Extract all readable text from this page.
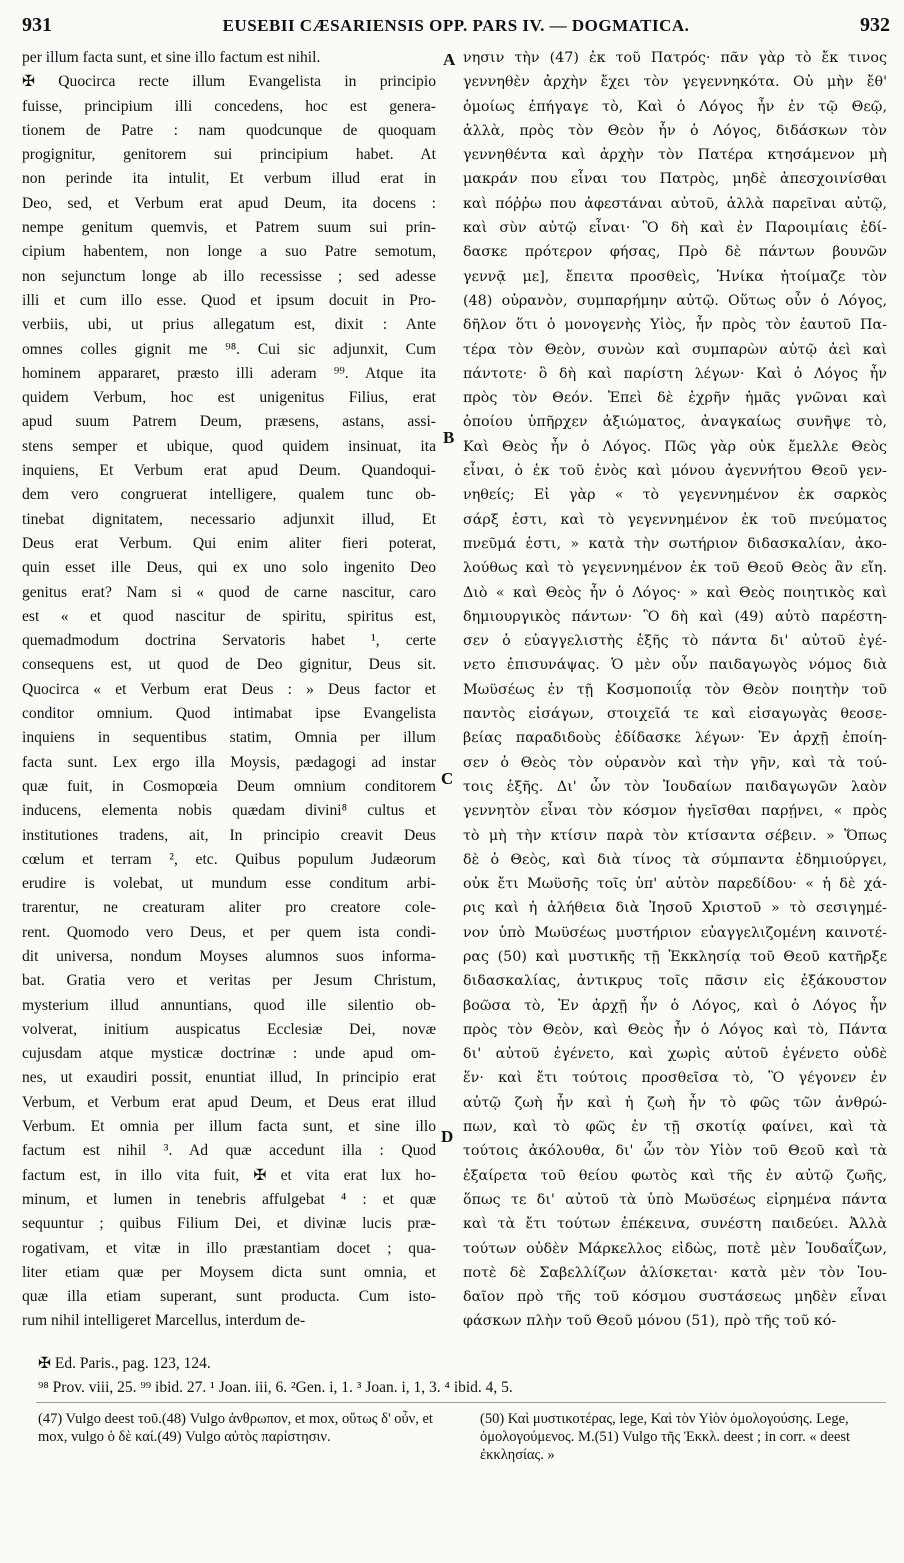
931	EUSEBII CÆSARIENSIS OPP. PARS IV. — DOGMATICA.	932
per illum facta sunt, et sine illo factum est nihil.
✠ Quocirca recte illum Evangelista in principio
fuisse, principium illi concedens, hoc est genera-
tionem de Patre : nam quodcunque de quoquam
progignitur, genitorem sui principium habet. At
non perinde ita intulit, Et verbum illud erat in
Deo, sed, et Verbum erat apud Deum, ita docens :
nempe genitum quemvis, et Patrem suum sui prin-
cipium habentem, non longe a suo Patre semotum,
non sejunctum longe ab illo recessisse ; sed adesse
illi et cum illo esse. Quod et ipsum docuit in Pro-
verbiis, ubi, ut prius allegatum est, dixit : Ante
omnes colles gignit me ⁹⁸. Cui sic adjunxit, Cum
hominem appararet, præsto illi aderam ⁹⁹. Atque ita
quidem Verbum, hoc est unigenitus Filius, erat
apud suum Patrem Deum, præsens, astans, assi-
stens semper et ubique, quod quidem insinuat, ita
inquiens, Et Verbum erat apud Deum. Quandoqui-
dem vero congruerat intelligere, qualem tunc ob-
tinebat dignitatem, necessario adjunxit illud, Et
Deus erat Verbum. Qui enim aliter fieri poterat,
quin esset ille Deus, qui ex uno solo ingenito Deo
genitus erat? Nam si « quod de carne nascitur, caro
est « et quod nascitur de spiritu, spiritus est,
quemadmodum doctrina Servatoris habet ¹, certe
consequens est, ut quod de Deo gignitur, Deus sit.
Quocirca « et Verbum erat Deus : » Deus factor et
conditor omnium. Quod intimabat ipse Evangelista
inquiens in sequentibus statim, Omnia per illum
facta sunt. Lex ergo illa Moysis, pædagogi ad instar
quæ fuit, in Cosmopœia Deum omnium conditorem
inducens, elementa nobis quædam divini⁸ cultus et
institutiones tradens, ait, In principio creavit Deus
cœlum et terram ², etc. Quibus populum Judæorum
erudire is volebat, ut mundum esse conditum arbi-
trarentur, ne creaturam aliter pro creatore cole-
rent. Quomodo vero Deus, et per quem ista condi-
dit universa, nondum Moyses alumnos suos informa-
bat. Gratia vero et veritas per Jesum Christum,
mysterium illud annuntians, quod ille silentio ob-
volverat, initium auspicatus Ecclesiæ Dei, novæ
cujusdam atque mysticæ doctrinæ : unde apud om-
nes, ut exaudiri possit, enuntiat illud, In principio erat
Verbum, et Verbum erat apud Deum, et Deus erat illud
Verbum. Et omnia per illum facta sunt, et sine illo
factum est nihil ³. Ad quæ accedunt illa : Quod
factum est, in illo vita fuit, ✠ et vita erat lux ho-
minum, et lumen in tenebris affulgebat ⁴ : et quæ
sequuntur ; quibus Filium Dei, et divinæ lucis præ-
rogativam, et vitæ in illo præstantiam docet ; qua-
liter etiam quæ per Moysem dicta sunt omnia, et
quæ illa etiam superant, sunt producta. Cum isto-
rum nihil intelligeret Marcellus, interdum de-
νησιν τὴν (47) ἐκ τοῦ Πατρός· πᾶν γὰρ τὸ ἔκ τινος
γεννηθὲν ἀρχὴν ἔχει τὸν γεγεννηκότα. Οὐ μὴν ἔθ'
ὁμοίως ἐπήγαγε τὸ, Καὶ ὁ Λόγος ἦν ἐν τῷ Θεῷ,
ἀλλὰ, πρὸς τὸν Θεὸν ἦν ὁ Λόγος, διδάσκων τὸν
γεννηθέντα καὶ ἀρχὴν τὸν Πατέρα κτησάμενον μὴ
μακράν που εἶναι του Πατρὸς, μηδὲ ἀπεσχοινίσθαι
καὶ πόῤῥω που ἀφεστάναι αὐτοῦ, ἀλλὰ παρεῖναι αὐτῷ,
καὶ σὺν αὐτῷ εἶναι· Ὃ δὴ καὶ ἐν Παροιμίαις ἐδί-
δασκε πρότερον φήσας, Πρὸ δὲ πάντων βουνῶν
γεννᾷ με], ἔπειτα προσθεὶς, Ἡνίκα ἡτοίμαζε τὸν
(48) οὐρανὸν, συμπαρήμην αὐτῷ. Οὕτως οὖν ὁ Λόγος,
δῆλον ὅτι ὁ μονογενὴς Υἱὸς, ἦν πρὸς τὸν ἑαυτοῦ Πα-
τέρα τὸν Θεὸν, συνὼν καὶ συμπαρὼν αὐτῷ ἀεὶ καὶ
πάντοτε· ὃ δὴ καὶ παρίστη λέγων· Καὶ ὁ Λόγος ἦν
πρὸς τὸν Θεόν. Ἐπεὶ δὲ ἐχρῆν ἡμᾶς γνῶναι καὶ
ὁποίου ὑπῆρχεν ἀξιώματος, ἀναγκαίως συνῆψε τὸ,
Καὶ Θεὸς ἦν ὁ Λόγος. Πῶς γὰρ οὐκ ἔμελλε Θεὸς
εἶναι, ὁ ἐκ τοῦ ἑνὸς καὶ μόνου ἀγεννήτου Θεοῦ γεν-
νηθείς; Εἰ γὰρ « τὸ γεγεννημένον ἐκ σαρκὸς
σάρξ ἐστι, καὶ τὸ γεγεννημένον ἐκ τοῦ πνεύματος
πνεῦμά ἐστι, » κατὰ τὴν σωτήριον διδασκαλίαν, ἀκο-
λούθως καὶ τὸ γεγεννημένον ἐκ τοῦ Θεοῦ Θεὸς ἂν εἴη.
Διὸ « καὶ Θεὸς ἦν ὁ Λόγος· » καὶ Θεὸς ποιητικὸς καὶ
δημιουργικὸς πάντων· Ὃ δὴ καὶ (49) αὐτὸ παρέστη-
σεν ὁ εὐαγγελιστὴς ἑξῆς τὸ πάντα δι' αὐτοῦ ἐγέ-
νετο ἐπισυνάψας. Ὁ μὲν οὖν παιδαγωγὸς νόμος διὰ
Μωϋσέως ἐν τῇ Κοσμοποιΐᾳ τὸν Θεὸν ποιητὴν τοῦ
παντὸς εἰσάγων, στοιχεῖά τε καὶ εἰσαγωγὰς θεοσε-
βείας παραδιδοὺς ἐδίδασκε λέγων· Ἐν ἀρχῇ ἐποίη-
σεν ὁ Θεὸς τὸν οὐρανὸν καὶ τὴν γῆν, καὶ τὰ τού-
τοις ἑξῆς. Δι' ὧν τὸν Ἰουδαίων παιδαγωγῶν λαὸν
γεννητὸν εἶναι τὸν κόσμον ἡγεῖσθαι παρῄνει, « πρὸς
τὸ μὴ τὴν κτίσιν παρὰ τὸν κτίσαντα σέβειν. » Ὅπως
δὲ ὁ Θεὸς, καὶ διὰ τίνος τὰ σύμπαντα ἐδημιούργει,
οὐκ ἔτι Μωϋσῆς τοῖς ὑπ' αὐτὸν παρεδίδου· « ἡ δὲ χά-
ρις καὶ ἡ ἀλήθεια διὰ Ἰησοῦ Χριστοῦ » τὸ σεσιγημέ-
νον ὑπὸ Μωϋσέως μυστήριον εὐαγγελιζομένη καινοτέ-
ρας (50) καὶ μυστικῆς τῇ Ἐκκλησίᾳ τοῦ Θεοῦ κατῆρξε
διδασκαλίας, ἀντικρυς τοῖς πᾶσιν εἰς ἐξάκουστον
βοῶσα τὸ, Ἐν ἀρχῇ ἦν ὁ Λόγος, καὶ ὁ Λόγος ἦν
πρὸς τὸν Θεὸν, καὶ Θεὸς ἦν ὁ Λόγος καὶ τὸ, Πάντα
δι' αὐτοῦ ἐγένετο, καὶ χωρὶς αὐτοῦ ἐγένετο οὐδὲ
ἕν· καὶ ἔτι τούτοις προσθεῖσα τὸ, Ὃ γέγονεν ἐν
αὐτῷ ζωὴ ἦν καὶ ἡ ζωὴ ἦν τὸ φῶς τῶν ἀνθρώ-
πων, καὶ τὸ φῶς ἐν τῇ σκοτίᾳ φαίνει, καὶ τὰ
τούτοις ἀκόλουθα, δι' ὧν τὸν Υἱὸν τοῦ Θεοῦ καὶ τὰ
ἐξαίρετα τοῦ θείου φωτὸς καὶ τῆς ἐν αὐτῷ ζωῆς,
ὅπως τε δι' αὐτοῦ τὰ ὑπὸ Μωϋσέως εἰρημένα πάντα
καὶ τὰ ἔτι τούτων ἐπέκεινα, συνέστη παιδεύει. Ἀλλὰ
τούτων οὐδὲν Μάρκελλος εἰδὼς, ποτὲ μὲν Ἰουδαΐζων,
ποτὲ δὲ Σαβελλίζων ἁλίσκεται· κατὰ μὲν τὸν Ἰου-
δαῖον πρὸ τῆς τοῦ κόσμου συστάσεως μηδὲν εἶναι
φάσκων πλὴν τοῦ Θεοῦ μόνου (51), πρὸ τῆς τοῦ κό-
A
B
C
D
✠ Ed. Paris., pag. 123, 124.
⁹⁸ Prov. viii, 25. ⁹⁹ ibid. 27. ¹ Joan. iii, 6. ²Gen. i, 1. ³ Joan. i, 1, 3. ⁴ ibid. 4, 5.
(47) Vulgo deest τοῦ.(48) Vulgo ἀνθρωπον, et mox, οὕτως δ' οὖν, et mox, vulgo ὁ δὲ καί.(49) Vulgo αὐτὸς παρίστησιν.
(50) Καὶ μυστικοτέρας, lege, Καὶ τὸν Υἱὸν ὁμολογούσης. Lege, ὁμολογούμενος. M.(51) Vulgo τῆς Ἐκκλ. deest ; in corr. « deest ἐκκλησίας. »
